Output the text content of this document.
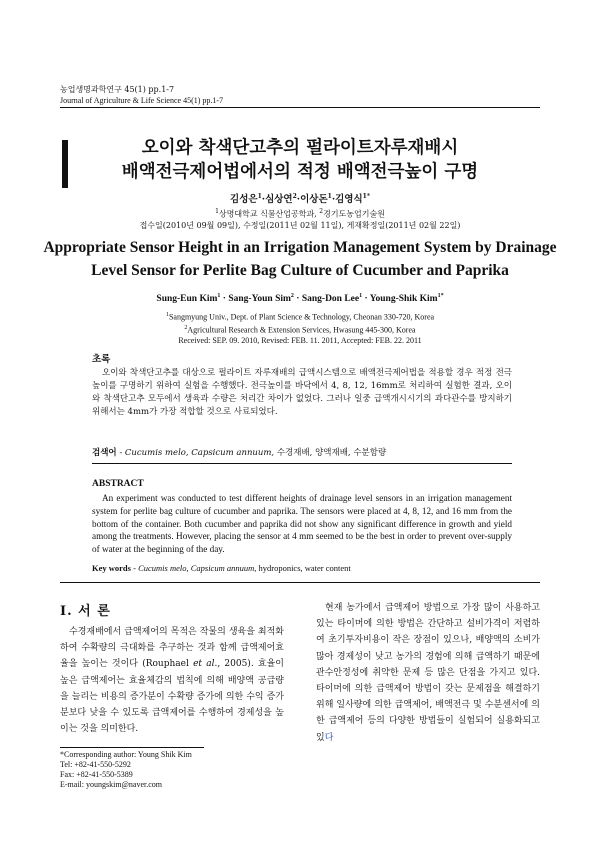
농업생명과학연구 45(1) pp.1-7
Journal of Agriculture & Life Science 45(1) pp.1-7
오이와 착색단고추의 펄라이트자루재배시
배액전극제어법에서의 적정 배액전극높이 구명
김성은$^1$·심상연$^2$·이상돈$^1$·김영식$^{1*}$
$^1$상명대학교 식물산업공학과, $^2$경기도농업기술원
접수일(2010년 09월 09일), 수정일(2011년 02월 11일), 게재확정일(2011년 02월 22일)
Appropriate Sensor Height in an Irrigation Management System by Drainage
Level Sensor for Perlite Bag Culture of Cucumber and Paprika
Sung-Eun Kim$^1$ · Sang-Youn Sim$^2$ · Sang-Don Lee$^1$ · Young-Shik Kim$^{1*}$
$^1$Sangmyung Univ., Dept. of Plant Science & Technology, Cheonan 330-720, Korea
$^2$Agricultural Research & Extension Services, Hwasung 445-300, Korea
Received: SEP. 09. 2010, Revised: FEB. 11. 2011, Accepted: FEB. 22. 2011
초록
오이와 착색단고추를 대상으로 펄라이트 자루재배의 급액시스템으로 배액전극제어법을 적용할 경우 적정 전극높이를 구명하기 위하여 실험을 수행했다. 전극높이를 바닥에서 4, 8, 12, 16mm로 처리하여 실험한 결과, 오이와 착색단고추 모두에서 생육과 수량은 처리간 차이가 없었다. 그러나 일중 급액개시시기의 과다관수를 방지하기 위해서는 4mm가 가장 적합할 것으로 사료되었다.
검색어 - Cucumis melo, Capsicum annuum, 수경재배, 양액재배, 수분함량
ABSTRACT
An experiment was conducted to test different heights of drainage level sensors in an irrigation management system for perlite bag culture of cucumber and paprika. The sensors were placed at 4, 8, 12, and 16 mm from the bottom of the container. Both cucumber and paprika did not show any significant difference in growth and yield among the treatments. However, placing the sensor at 4 mm seemed to be the best in order to prevent over-supply of water at the beginning of the day.
Key words - Cucumis melo, Capsicum annuum, hydroponics, water content
I. 서 론
수경재배에서 급액제어의 목적은 작물의 생육을 최적화하여 수확량의 극대화를 추구하는 것과 함께 급액제어효율을 높이는 것이다 (Rouphael et al., 2005). 효율이 높은 급액제어는 효율체감의 법칙에 의해 배양액 공급량을 늘리는 비용의 증가분이 수확량 증가에 의한 수익 증가분보다 낮을 수 있도록 급액제어를 수행하여 경제성을 높이는 것을 의미한다.
현재 농가에서 급액제어 방법으로 가장 많이 사용하고 있는 타이머에 의한 방법은 간단하고 설비가격이 저렴하여 초기투자비용이 작은 장점이 있으나, 배양액의 소비가 많아 경제성이 낮고 농가의 경험에 의해 급액하기 때문에 관수안정성에 취약한 문제 등 많은 단점을 가지고 있다. 타이머에 의한 급액제어 방법이 갖는 문제점을 해결하기 위해 일사량에 의한 급액제어, 배액전극 및 수분센서에 의한 급액제어 등의 다양한 방법들이 실험되어 실용화되고 있다
*Corresponding author: Young Shik Kim
Tel: +82-41-550-5292
Fax: +82-41-550-5389
E-mail: youngskim@naver.com
